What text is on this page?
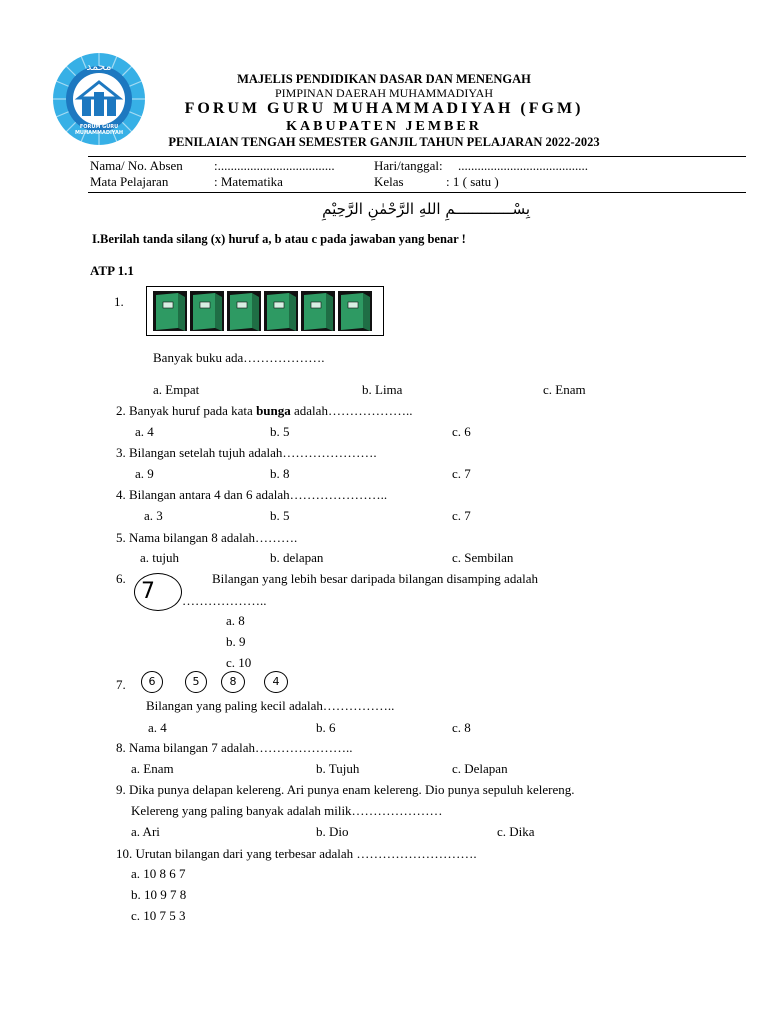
محمد
FORUM GURU MUHAMMADIYAH
MAJELIS PENDIDIKAN DASAR DAN MENENGAH
PIMPINAN DAERAH MUHAMMADIYAH
FORUM GURU MUHAMMADIYAH (FGM)
KABUPATEN JEMBER
PENILAIAN TENGAH SEMESTER GANJIL TAHUN PELAJARAN 2022-2023
Nama/ No. Absen :....................................	Hari/tanggal: ........................................
Mata Pelajaran	: Matematika	Kelas	: 1 ( satu )
بِسْـــــــــــــمِ اللهِ الرَّحْمٰنِ الرَّحِيْمِ
I.Berilah tanda silang (x) huruf a, b atau c pada jawaban yang benar !
ATP 1.1
1.
Banyak buku ada……………….
a. Empat	b. Lima	c. Enam
2. Banyak huruf pada kata bunga adalah………………..
a. 4	b. 5	c. 6
3. Bilangan setelah tujuh adalah………………….
a. 9	b. 8	c. 7
4. Bilangan antara 4 dan 6 adalah…………………..
a. 3	b. 5	c. 7
5. Nama bilangan 8 adalah……….
a. tujuh	b. delapan	c. Sembilan
6.
7
Bilangan yang lebih besar daripada bilangan disamping adalah
………………..
a. 8
b. 9
c. 10
7.	6	5	8	4
Bilangan yang paling kecil adalah……………..
a. 4	b. 6	c. 8
8. Nama bilangan 7 adalah…………………..
a. Enam	b. Tujuh	c. Delapan
9. Dika punya delapan kelereng. Ari punya enam kelereng. Dio punya sepuluh kelereng.
Kelereng yang paling banyak adalah milik…………………
a. Ari	b. Dio	c. Dika
10. Urutan bilangan dari yang terbesar adalah ……………………….
a. 10 8 6 7
b. 10 9 7 8
c. 10 7 5 3
